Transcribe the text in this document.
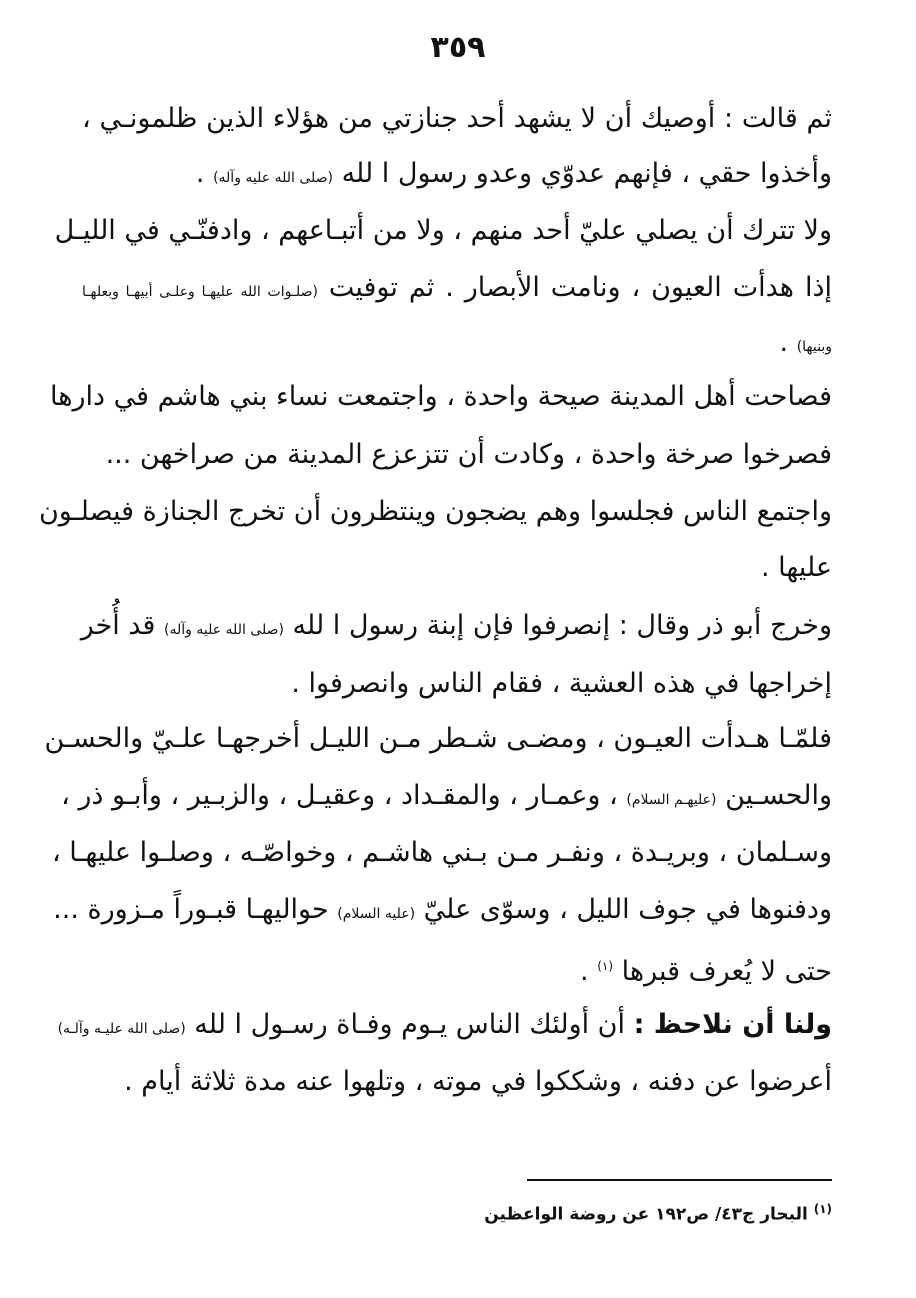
٣٥٩
ثم قالت : أوصيك أن لا يشهد أحد جنازتي من هؤلاء الذين ظلمونـي ،
وأخذوا حقي ، فإنهم عدوّي وعدو رسول ا لله (صلى الله عليه وآله) .
ولا تترك أن يصلي عليّ أحد منهم ، ولا من أتبـاعهم ، وادفنّـي في الليـل
إذا هدأت العيون ، ونامت الأبصار . ثم توفيت (صلـوات الله عليهـا وعلـى أبيهـا وبعلهـا
وبنيها) .
فصاحت أهل المدينة صيحة واحدة ، واجتمعت نساء بني هاشم في دارها
فصرخوا صرخة واحدة ، وكادت أن تتزعزع المدينة من صراخهن ...
واجتمع الناس فجلسوا وهم يضجون وينتظرون أن تخرج الجنازة فيصلـون
عليها .
وخرج أبو ذر وقال : إنصرفوا فإن إبنة رسول ا لله (صلى الله عليه وآله) قد أُخر
إخراجها في هذه العشية ، فقام الناس وانصرفوا .
فلمّـا هـدأت العيـون ، ومضـى شـطر مـن الليـل أخرجهـا علـيّ والحسـن
والحسـين (عليهـم السلام) ، وعمـار ، والمقـداد ، وعقيـل ، والزبـير ، وأبـو ذر ،
وسـلمان ، وبريـدة ، ونفـر مـن بـني هاشـم ، وخواصّـه ، وصلـوا عليهـا ،
ودفنوها في جوف الليل ، وسوّى عليّ (عليه السلام) حواليهـا قبـوراً مـزورة ...
حتى لا يُعرف قبرها $^{(١)}$ .
ولنا أن نلاحظ : أن أولئك الناس يـوم وفـاة رسـول ا لله (صلى الله عليـه وآلـه)
أعرضوا عن دفنه ، وشككوا في موته ، وتلهوا عنه مدة ثلاثة أيام .
$^{(١)}$ البحار ج٤٣/ ص١٩٢ عن روضة الواعظين
